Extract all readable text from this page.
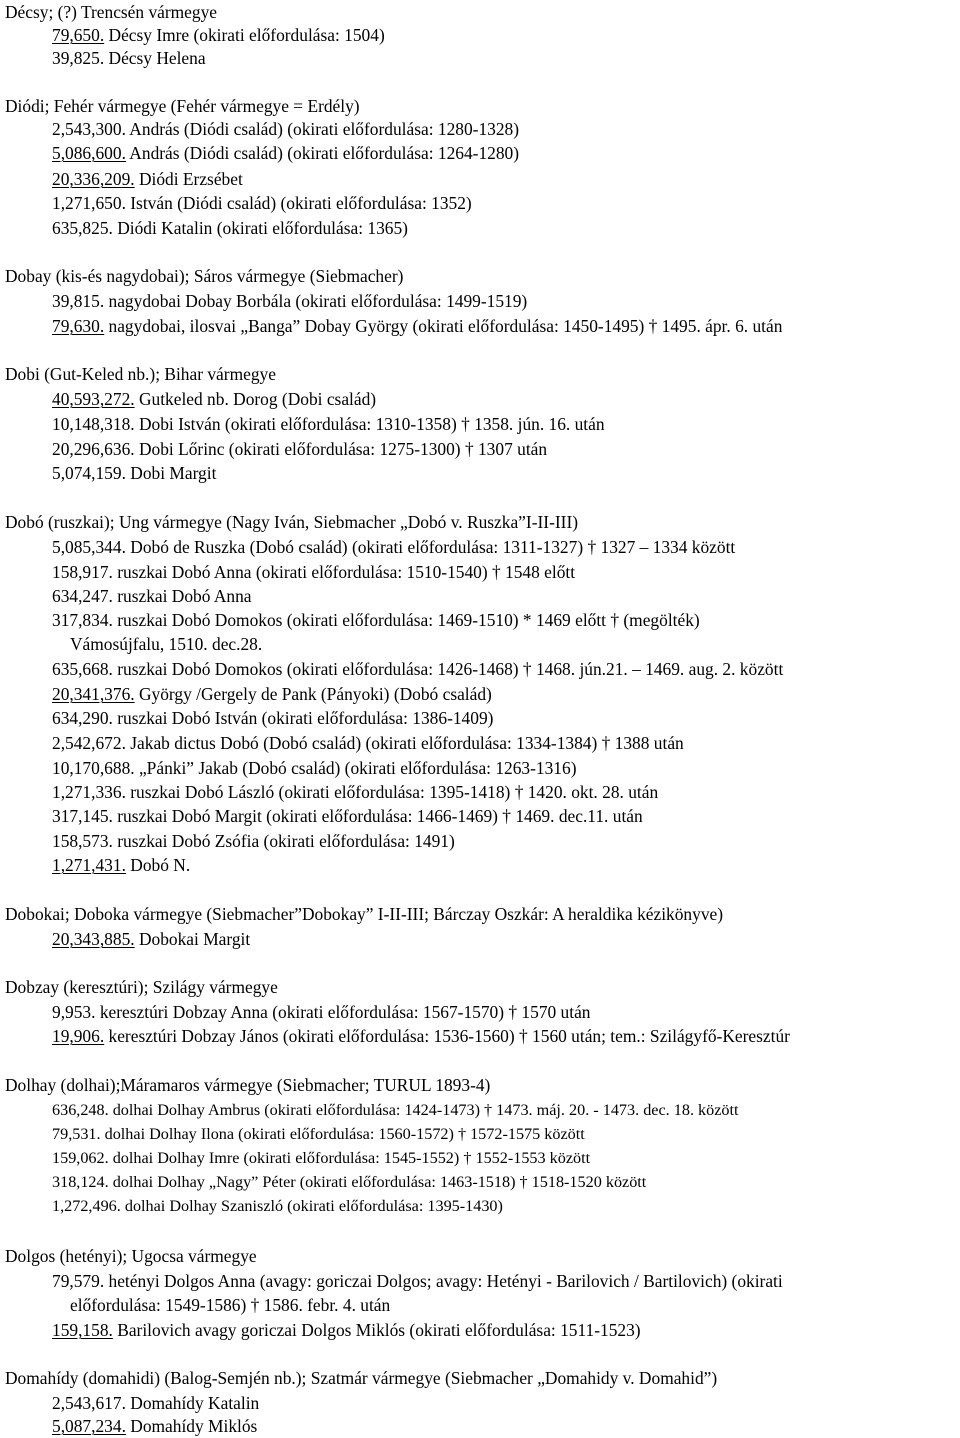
Décsy; (?) Trencsén vármegye
79,650. Décsy Imre (okirati előfordulása: 1504)
39,825. Décsy Helena
Diódi; Fehér vármegye (Fehér vármegye = Erdély)
2,543,300. András (Diódi család) (okirati előfordulása: 1280-1328)
5,086,600. András (Diódi család) (okirati előfordulása: 1264-1280)
20,336,209. Diódi Erzsébet
1,271,650. István (Diódi család) (okirati előfordulása: 1352)
635,825. Diódi Katalin (okirati előfordulása: 1365)
Dobay (kis-és nagydobai); Sáros vármegye (Siebmacher)
39,815. nagydobai Dobay Borbála (okirati előfordulása: 1499-1519)
79,630. nagydobai, ilosvai „Banga” Dobay György (okirati előfordulása: 1450-1495) † 1495. ápr. 6. után
Dobi (Gut-Keled nb.); Bihar vármegye
40,593,272. Gutkeled nb. Dorog (Dobi család)
10,148,318. Dobi István (okirati előfordulása: 1310-1358) † 1358. jún. 16. után
20,296,636. Dobi Lőrinc (okirati előfordulása: 1275-1300) † 1307 után
5,074,159. Dobi Margit
Dobó (ruszkai); Ung vármegye (Nagy Iván, Siebmacher „Dobó v. Ruszka”I-II-III)
5,085,344. Dobó de Ruszka (Dobó család) (okirati előfordulása: 1311-1327) † 1327 – 1334 között
158,917. ruszkai Dobó Anna (okirati előfordulása: 1510-1540) † 1548 előtt
634,247. ruszkai Dobó Anna
317,834. ruszkai Dobó Domokos (okirati előfordulása: 1469-1510) * 1469 előtt † (megölték)
Vámosújfalu, 1510. dec.28.
635,668. ruszkai Dobó Domokos (okirati előfordulása: 1426-1468) † 1468. jún.21. – 1469. aug. 2. között
20,341,376. György /Gergely de Pank (Pányoki) (Dobó család)
634,290. ruszkai Dobó István (okirati előfordulása: 1386-1409)
2,542,672. Jakab dictus Dobó (Dobó család) (okirati előfordulása: 1334-1384) † 1388 után
10,170,688. „Pánki” Jakab (Dobó család) (okirati előfordulása: 1263-1316)
1,271,336. ruszkai Dobó László (okirati előfordulása: 1395-1418) † 1420. okt. 28. után
317,145. ruszkai Dobó Margit (okirati előfordulása: 1466-1469) † 1469. dec.11. után
158,573. ruszkai Dobó Zsófia (okirati előfordulása: 1491)
1,271,431. Dobó N.
Dobokai; Doboka vármegye (Siebmacher”Dobokay” I-II-III; Bárczay Oszkár: A heraldika kézikönyve)
20,343,885. Dobokai Margit
Dobzay (keresztúri); Szilágy vármegye
9,953. keresztúri Dobzay Anna (okirati előfordulása: 1567-1570) † 1570 után
19,906. keresztúri Dobzay János (okirati előfordulása: 1536-1560) † 1560 után; tem.: Szilágyfő-Keresztúr
Dolhay (dolhai);Máramaros vármegye (Siebmacher; TURUL 1893-4)
636,248. dolhai Dolhay Ambrus (okirati előfordulása: 1424-1473) † 1473. máj. 20. - 1473. dec. 18. között
79,531. dolhai Dolhay Ilona (okirati előfordulása: 1560-1572) † 1572-1575 között
159,062. dolhai Dolhay Imre (okirati előfordulása: 1545-1552) † 1552-1553 között
318,124. dolhai Dolhay „Nagy” Péter (okirati előfordulása: 1463-1518) † 1518-1520 között
1,272,496. dolhai Dolhay Szaniszló (okirati előfordulása: 1395-1430)
Dolgos (hetényi); Ugocsa vármegye
79,579. hetényi Dolgos Anna (avagy: goriczai Dolgos; avagy: Hetényi - Barilovich / Bartilovich) (okirati
előfordulása: 1549-1586) † 1586. febr. 4. után
159,158. Barilovich avagy goriczai Dolgos Miklós (okirati előfordulása: 1511-1523)
Domahídy (domahidi) (Balog-Semjén nb.); Szatmár vármegye (Siebmacher „Domahidy v. Domahid”)
2,543,617. Domahídy Katalin
5,087,234. Domahídy Miklós
